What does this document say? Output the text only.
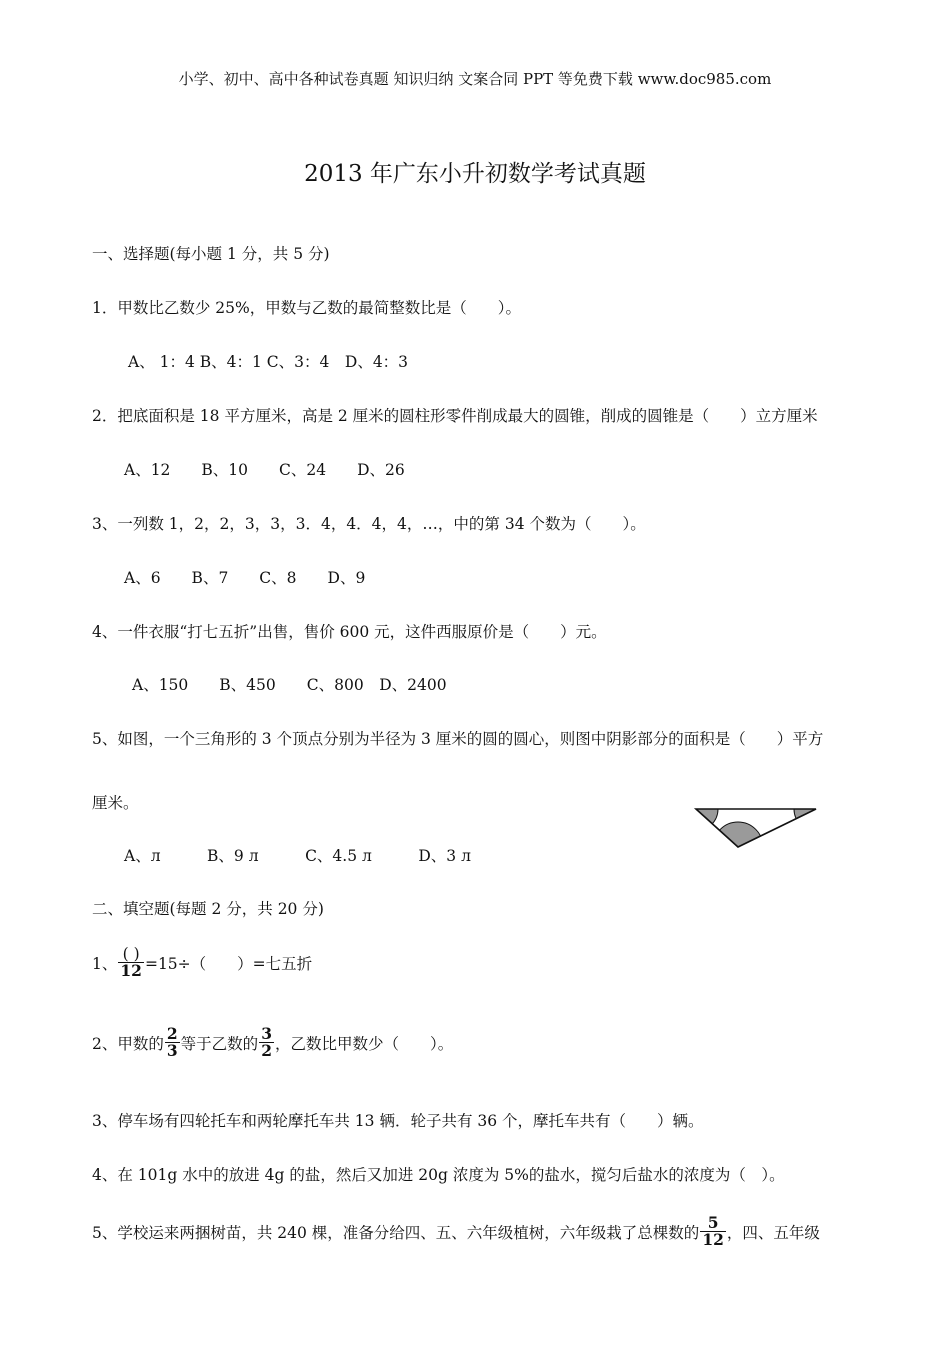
小学、初中、高中各种试卷真题 知识归纳 文案合同 PPT 等免费下载 www.doc985.com
2013 年广东小升初数学考试真题
一、选择题(每小题 1 分，共 5 分)
1．甲数比乙数少 25%，甲数与乙数的最简整数比是（　　）。
A、 1：4 B、4：1 C、3：4　D、4：3
2．把底面积是 18 平方厘米，高是 2 厘米的圆柱形零件削成最大的圆锥，削成的圆锥是（　　）立方厘米
A、12　　B、10　　C、24　　D、26
3、一列数 1，2，2，3，3，3．4，4．4，4，…，中的第 34 个数为（　　）。
A、6　　B、7　　C、8　　D、9
4、一件衣服“打七五折”出售，售价 600 元，这件西服原价是（　　）元。
A、150　　B、450　　C、800　D、2400
5、如图，一个三角形的 3 个顶点分别为半径为 3 厘米的圆的圆心，则图中阴影部分的面积是（　　）平方
厘米。
A、л　　　B、9 л　　　C、4.5 л　　　D、3 л
二、填空题(每题 2 分，共 20 分)
1、 $\frac{( )}{12} =15\div$（　　）=七五折
2、甲数的 $\frac{2}{3}$ 等于乙数的 $\frac{3}{2}$ ，乙数比甲数少（　　）。
3、停车场有四轮托车和两轮摩托车共 13 辆．轮子共有 36 个，摩托车共有（　　）辆。
4、在 101g 水中的放进 4g 的盐，然后又加进 20g 浓度为 5%的盐水，搅匀后盐水的浓度为（　）。
5、学校运来两捆树苗，共 240 棵，准备分给四、五、六年级植树，六年级栽了总棵数的 $\frac{5}{12}$ ，四、五年级
